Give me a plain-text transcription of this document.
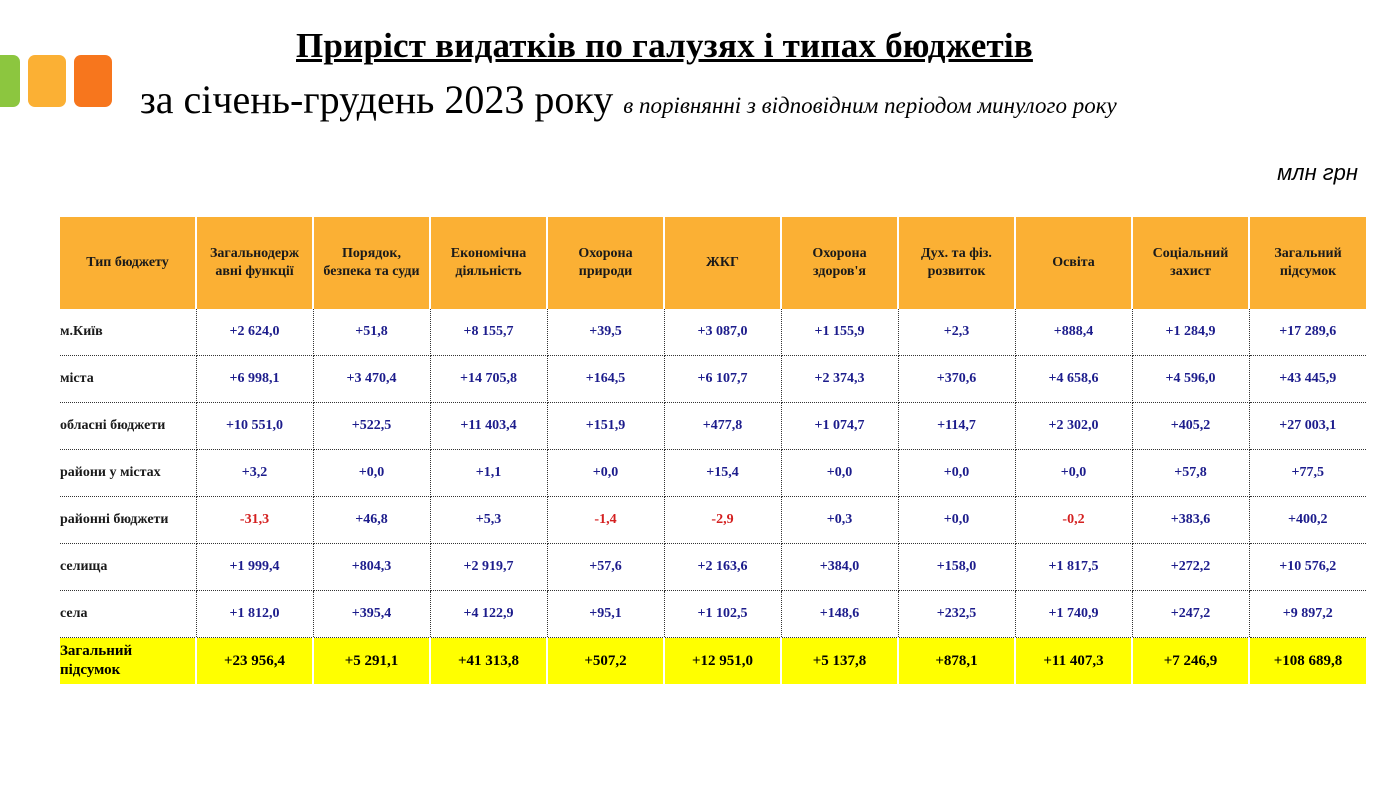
Приріст видатків по галузях і типах бюджетів
за січень-грудень 2023 року в порівнянні з відповідним періодом минулого року
млн грн
Тип бюджету	Загальнодерж авні функції	Порядок, безпека та суди	Економічна діяльність	Охорона природи	ЖКГ	Охорона здоров'я	Дух. та фіз. розвиток	Освіта	Соціальний захист	Загальний підсумок
м.Київ	+2 624,0	+51,8	+8 155,7	+39,5	+3 087,0	+1 155,9	+2,3	+888,4	+1 284,9	+17 289,6
міста	+6 998,1	+3 470,4	+14 705,8	+164,5	+6 107,7	+2 374,3	+370,6	+4 658,6	+4 596,0	+43 445,9
обласні бюджети	+10 551,0	+522,5	+11 403,4	+151,9	+477,8	+1 074,7	+114,7	+2 302,0	+405,2	+27 003,1
райони у містах	+3,2	+0,0	+1,1	+0,0	+15,4	+0,0	+0,0	+0,0	+57,8	+77,5
районні бюджети	-31,3	+46,8	+5,3	-1,4	-2,9	+0,3	+0,0	-0,2	+383,6	+400,2
селища	+1 999,4	+804,3	+2 919,7	+57,6	+2 163,6	+384,0	+158,0	+1 817,5	+272,2	+10 576,2
села	+1 812,0	+395,4	+4 122,9	+95,1	+1 102,5	+148,6	+232,5	+1 740,9	+247,2	+9 897,2
Загальний підсумок	+23 956,4	+5 291,1	+41 313,8	+507,2	+12 951,0	+5 137,8	+878,1	+11 407,3	+7 246,9	+108 689,8
